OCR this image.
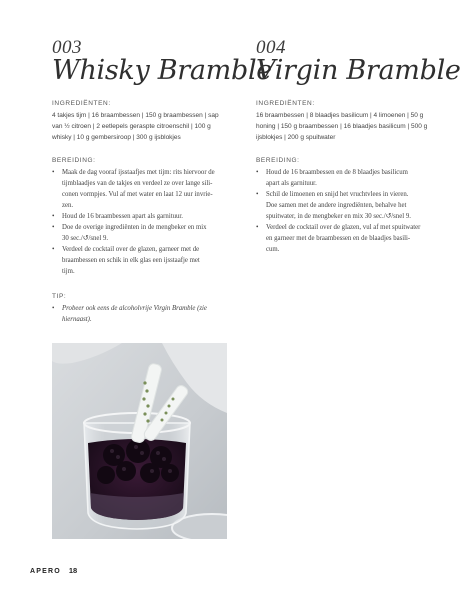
003
Whisky Bramble
INGREDIËNTEN:
4 takjes tijm | 16 braambessen | 150 g braambessen | sap
van ½ citroen | 2 eetlepels geraspte citroenschil | 100 g
whisky | 10 g gembersiroop | 300 g ijsblokjes
BEREIDING:
• Maak de dag vooraf ijsstaafjes met tijm: rits hiervoor de
tijmblaadjes van de takjes en verdeel ze over lange sili-
conen vormpjes. Vul af met water en laat 12 uur invrie-
zen.
• Houd de 16 braambessen apart als garnituur.
• Doe de overige ingrediënten in de mengbeker en mix
30 sec./↺/snel 9.
• Verdeel de cocktail over de glazen, garneer met de
braambessen en schik in elk glas een ijsstaafje met
tijm.
TIP:
• Probeer ook eens de alcoholvrije Virgin Bramble (zie
hiernaast).
004
Virgin Bramble
INGREDIËNTEN:
16 braambessen | 8 blaadjes basilicum | 4 limoenen | 50 g
honing | 150 g braambessen | 16 blaadjes basilicum | 500 g
ijsblokjes | 200 g spuitwater
BEREIDING:
• Houd de 16 braambessen en de 8 blaadjes basilicum
apart als garnituur.
• Schil de limoenen en snijd het vruchtvlees in vieren.
Doe samen met de andere ingrediënten, behalve het
spuitwater, in de mengbeker en mix 30 sec./↺/snel 9.
• Verdeel de cocktail over de glazen, vul af met spuitwater
en garneer met de braambessen en de blaadjes basili-
cum.
APERO 18
